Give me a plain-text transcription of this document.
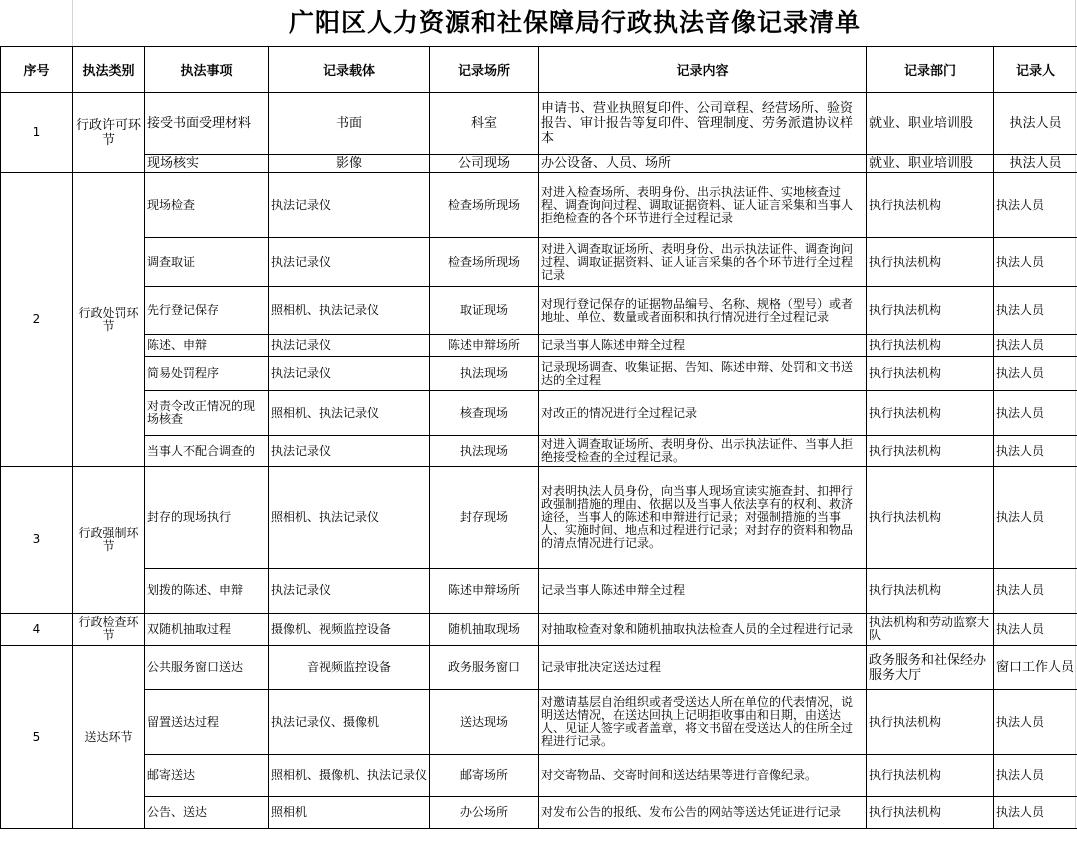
	广阳区人力资源和社保障局行政执法音像记录清单						
序号	执法类别	执法事项	记录载体	记录场所	记录内容	记录部门	记录人
1	行政许可环节	接受书面受理材料	书面	科室	申请书、营业执照复印件、公司章程、经营场所、验资报告、审计报告等复印件、管理制度、劳务派遣协议样本	就业、职业培训股	执法人员
		现场核实	影像	公司现场	办公设备、人员、场所	就业、职业培训股	执法人员
2	行政处罚环节	现场检查	执法记录仪	检查场所现场	对进入检查场所、表明身份、出示执法证件、实地核查过程、调查询问过程、调取证据资料、证人证言采集和当事人拒绝检查的各个环节进行全过程记录	执行执法机构	执法人员
		调查取证	执法记录仪	检查场所现场	对进入调查取证场所、表明身份、出示执法证件、调查询问过程、调取证据资料、证人证言采集的各个环节进行全过程记录	执行执法机构	执法人员
		先行登记保存	照相机、执法记录仪	取证现场	对现行登记保存的证据物品编号、名称、规格（型号）或者地址、单位、数量或者面积和执行情况进行全过程记录	执行执法机构	执法人员
		陈述、申辩	执法记录仪	陈述申辩场所	记录当事人陈述申辩全过程	执行执法机构	执法人员
		简易处罚程序	执法记录仪	执法现场	记录现场调查、收集证据、告知、陈述申辩、处罚和文书送达的全过程	执行执法机构	执法人员
		对责令改正情况的现场核查	照相机、执法记录仪	核查现场	对改正的情况进行全过程记录	执行执法机构	执法人员
		当事人不配合调查的	执法记录仪	执法现场	对进入调查取证场所、表明身份、出示执法证件、当事人拒绝接受检查的全过程记录。	执行执法机构	执法人员
3	行政强制环节	封存的现场执行	照相机、执法记录仪	封存现场	对表明执法人员身份，向当事人现场宣读实施查封、扣押行政强制措施的理由、依据以及当事人依法享有的权利、救济途径，当事人的陈述和申辩进行记录；对强制措施的当事人、实施时间、地点和过程进行记录；对封存的资料和物品的清点情况进行记录。	执行执法机构	执法人员
		划拨的陈述、申辩	执法记录仪	陈述申辩场所	记录当事人陈述申辩全过程	执行执法机构	执法人员
4	行政检查环节	双随机抽取过程	摄像机、视频监控设备	随机抽取现场	对抽取检查对象和随机抽取执法检查人员的全过程进行记录	执法机构和劳动监察大队	执法人员
5	送达环节	公共服务窗口送达	音视频监控设备	政务服务窗口	记录审批决定送达过程	政务服务和社保经办服务大厅	窗口工作人员
		留置送达过程	执法记录仪、摄像机	送达现场	对邀请基层自治组织或者受送达人所在单位的代表情况，说明送达情况，在送达回执上记明拒收事由和日期，由送达人、见证人签字或者盖章，将文书留在受送达人的住所全过程进行记录。	执行执法机构	执法人员
		邮寄送达	照相机、摄像机、执法记录仪	邮寄场所	对交寄物品、交寄时间和送达结果等进行音像纪录。	执行执法机构	执法人员
		公告、送达	照相机	办公场所	对发布公告的报纸、发布公告的网站等送达凭证进行记录	执行执法机构	执法人员
